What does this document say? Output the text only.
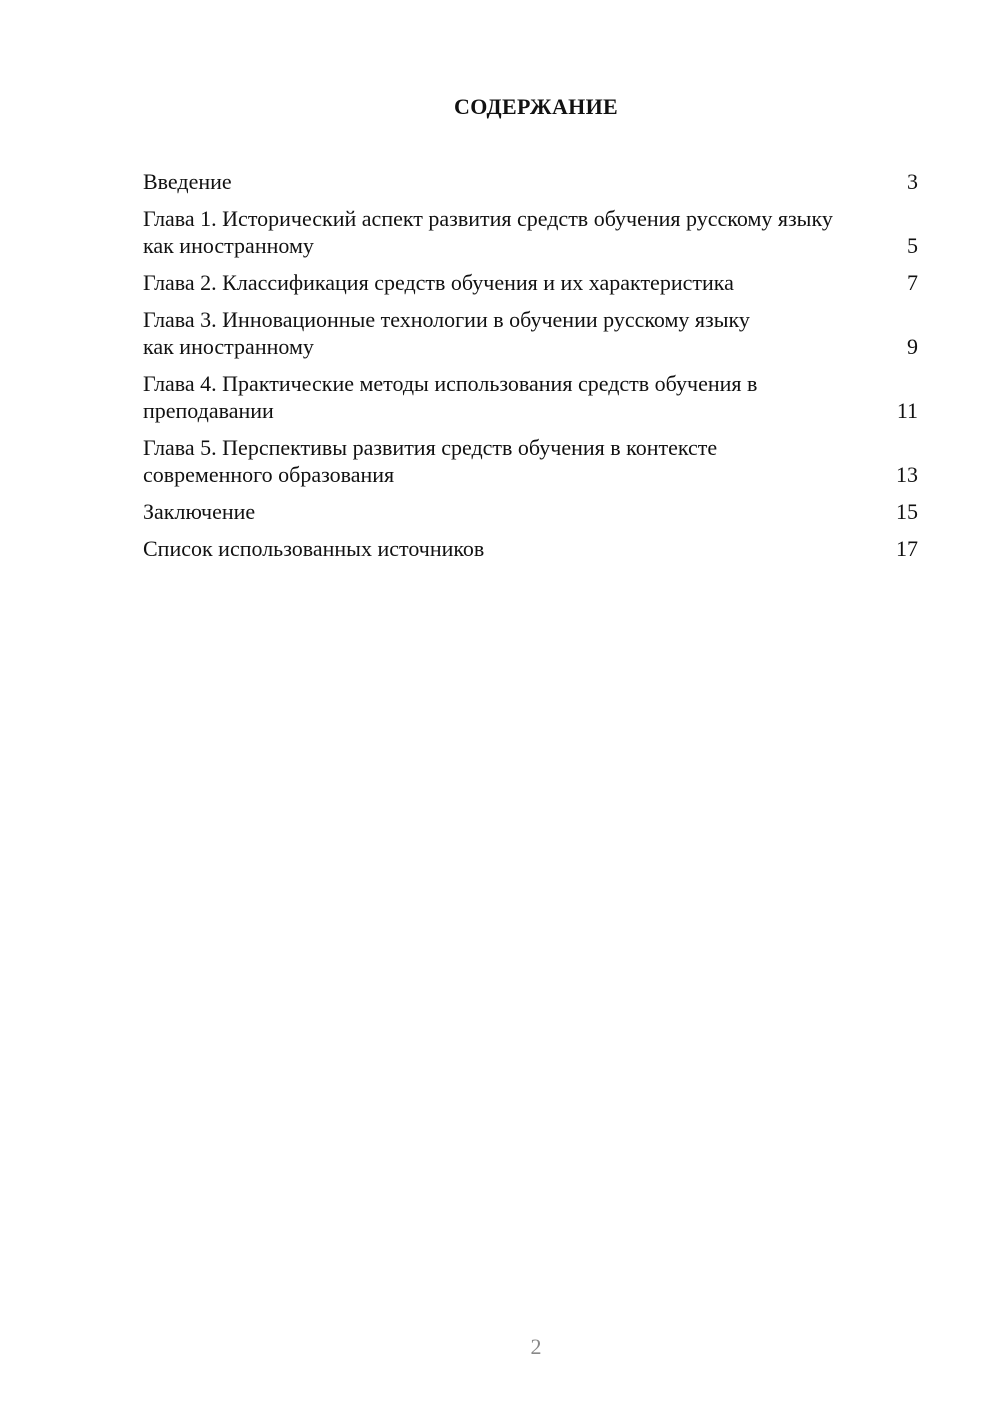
СОДЕРЖАНИЕ
Введение	3
Глава 1. Исторический аспект развития средств обучения русскому языку как иностранному	5
Глава 2. Классификация средств обучения и их характеристика	7
Глава 3. Инновационные технологии в обучении русскому языку как иностранному	9
Глава 4. Практические методы использования средств обучения в преподавании	11
Глава 5. Перспективы развития средств обучения в контексте современного образования	13
Заключение	15
Список использованных источников	17
2
